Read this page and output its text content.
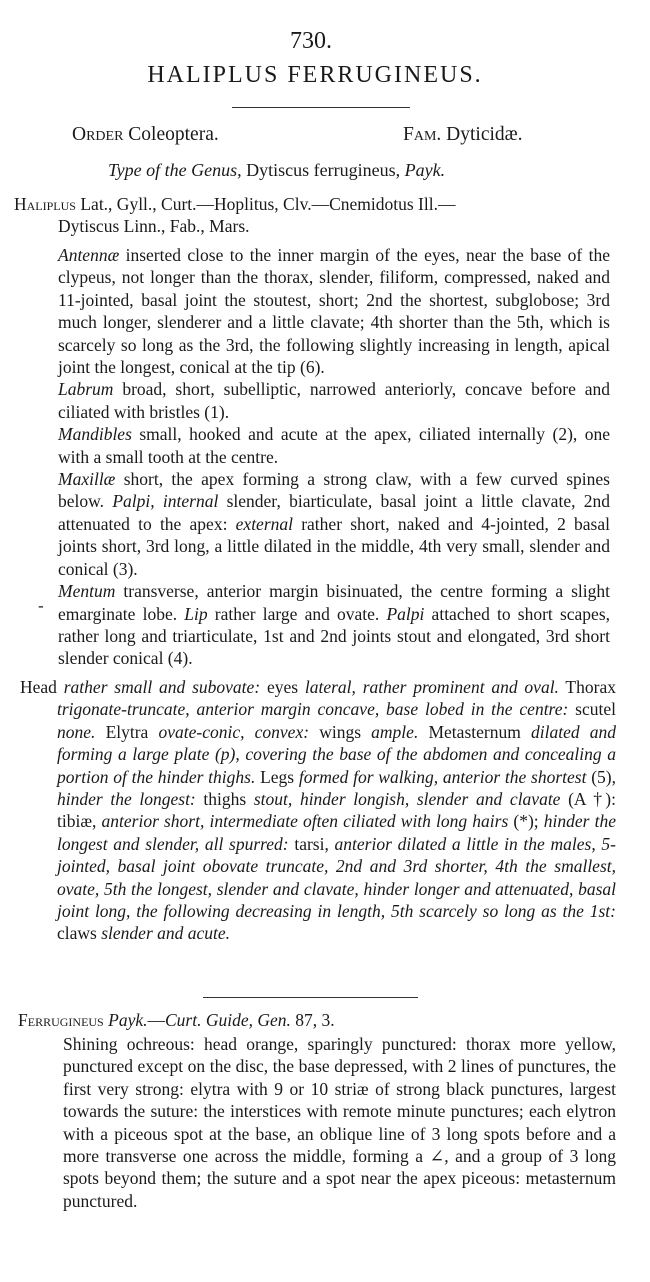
730.
HALIPLUS FERRUGINEUS.
Order Coleoptera.	Fam. Dyticidæ.
Type of the Genus, Dytiscus ferrugineus, Payk.
Haliplus Lat., Gyll., Curt.—Hoplitus, Clv.—Cnemidotus Ill.—
Dytiscus Linn., Fab., Mars.

Antennæ inserted close to the inner margin of the eyes, near the base of the clypeus, not longer than the thorax, slender, filiform, compressed, naked and 11-jointed, basal joint the stoutest, short; 2nd the shortest, subglobose; 3rd much longer, slenderer and a little clavate; 4th shorter than the 5th, which is scarcely so long as the 3rd, the following slightly increasing in length, apical joint the longest, conical at the tip (6).

Labrum broad, short, subelliptic, narrowed anteriorly, concave before and ciliated with bristles (1).

Mandibles small, hooked and acute at the apex, ciliated internally (2), one with a small tooth at the centre.

Maxillæ short, the apex forming a strong claw, with a few curved spines below. Palpi, internal slender, biarticulate, basal joint a little clavate, 2nd attenuated to the apex: external rather short, naked and 4-jointed, 2 basal joints short, 3rd long, a little dilated in the middle, 4th very small, slender and conical (3).

Mentum transverse, anterior margin bisinuated, the centre forming a slight emarginate lobe. Lip rather large and ovate. Palpi attached to short scapes, rather long and triarticulate, 1st and 2nd joints stout and elongated, 3rd short slender conical (4).

-
Head rather small and subovate: eyes lateral, rather prominent and oval. Thorax trigonate-truncate, anterior margin concave, base lobed in the centre: scutel none. Elytra ovate-conic, convex: wings ample. Metasternum dilated and forming a large plate (p), covering the base of the abdomen and concealing a portion of the hinder thighs. Legs formed for walking, anterior the shortest (5), hinder the longest: thighs stout, hinder longish, slender and clavate (A †): tibiæ, anterior short, intermediate often ciliated with long hairs (*); hinder the longest and slender, all spurred: tarsi, anterior dilated a little in the males, 5-jointed, basal joint obovate truncate, 2nd and 3rd shorter, 4th the smallest, ovate, 5th the longest, slender and clavate, hinder longer and attenuated, basal joint long, the following decreasing in length, 5th scarcely so long as the 1st: claws slender and acute.
Ferrugineus Payk.—Curt. Guide, Gen. 87, 3.
Shining ochreous: head orange, sparingly punctured: thorax more yellow, punctured except on the disc, the base depressed, with 2 lines of punctures, the first very strong: elytra with 9 or 10 striæ of strong black punctures, largest towards the suture: the interstices with remote minute punctures; each elytron with a piceous spot at the base, an oblique line of 3 long spots before and a more transverse one across the middle, forming a ∠, and a group of 3 long spots beyond them; the suture and a spot near the apex piceous: metasternum punctured.
